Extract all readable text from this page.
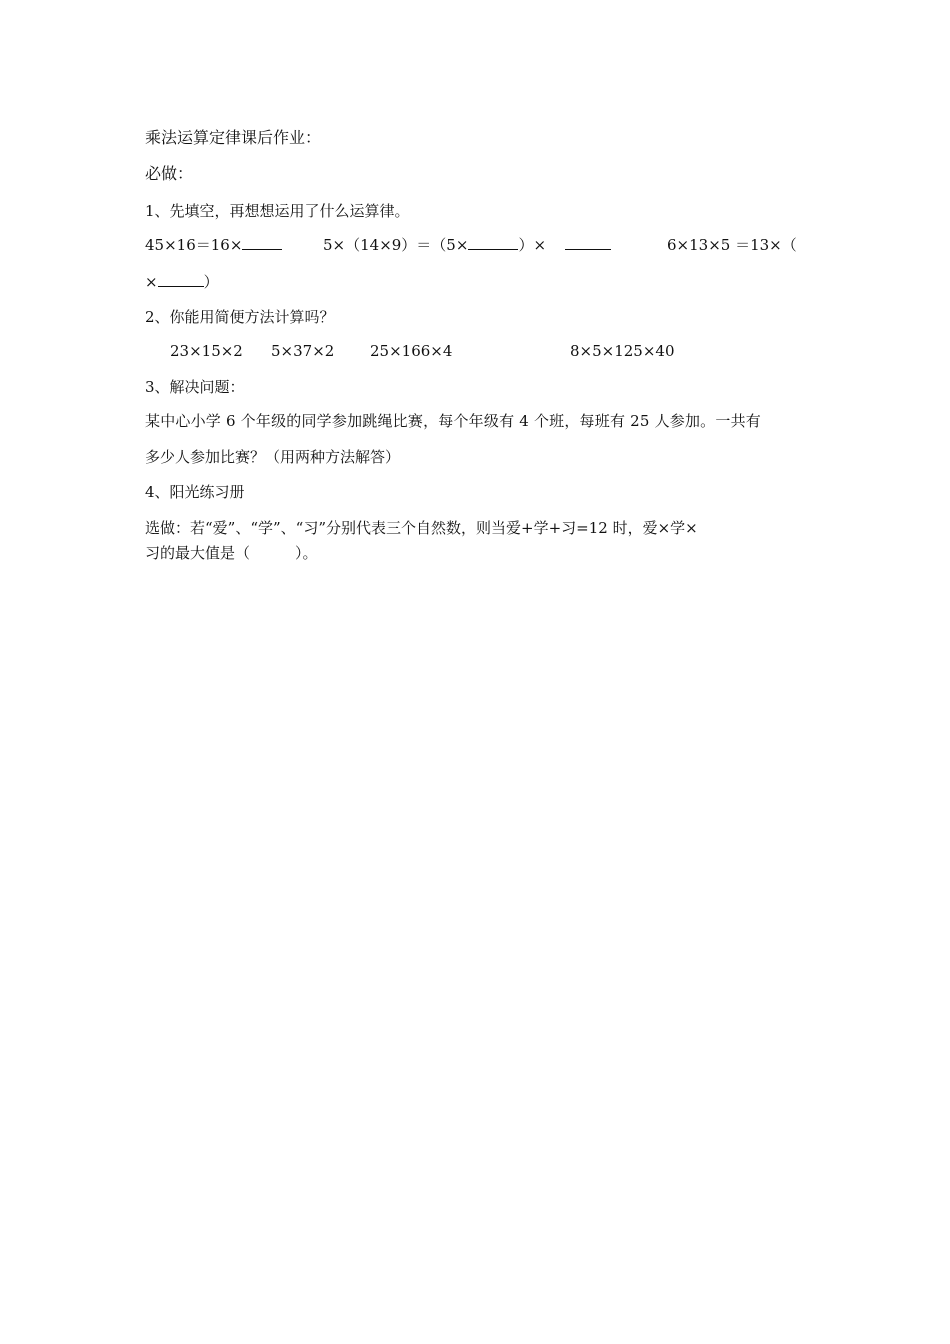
乘法运算定律课后作业：
必做：
1、先填空，再想想运用了什么运算律。
45×16＝16×	5×（14×9）＝（5×	）×	6×13×5 ＝13×（
×	）
2、你能用简便方法计算吗？
23×15×2 5×37×2 25×166×4	8×5×125×40
3、解决问题：
某中心小学 6 个年级的同学参加跳绳比赛，每个年级有 4 个班，每班有 25 人参加。一共有
多少人参加比赛？（用两种方法解答）
4、阳光练习册
选做：若“爱”、“学”、“习”分别代表三个自然数，则当爱+学+习=12 时，爱×学×
习的最大值是（　　　）。
